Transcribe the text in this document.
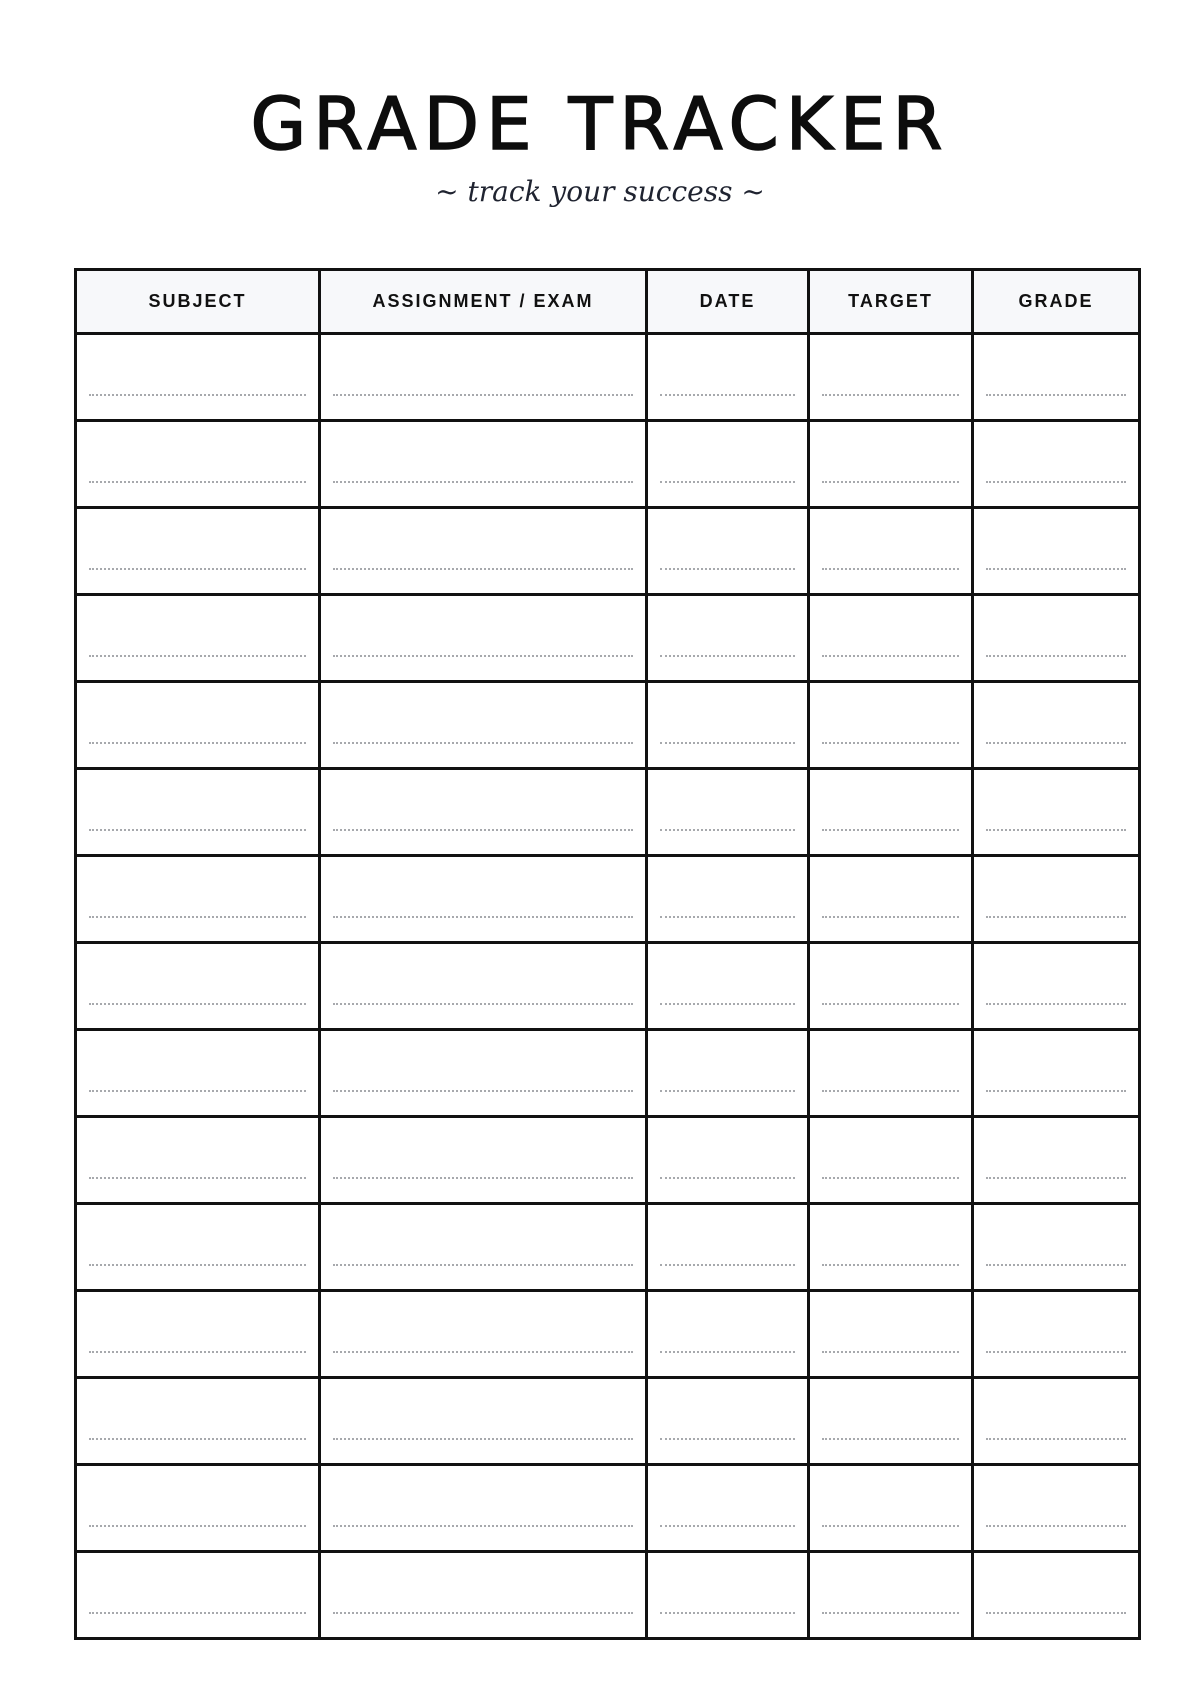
GRADE TRACKER

~ track your success ~

SUBJECT	ASSIGNMENT / EXAM	DATE	TARGET	GRADE
